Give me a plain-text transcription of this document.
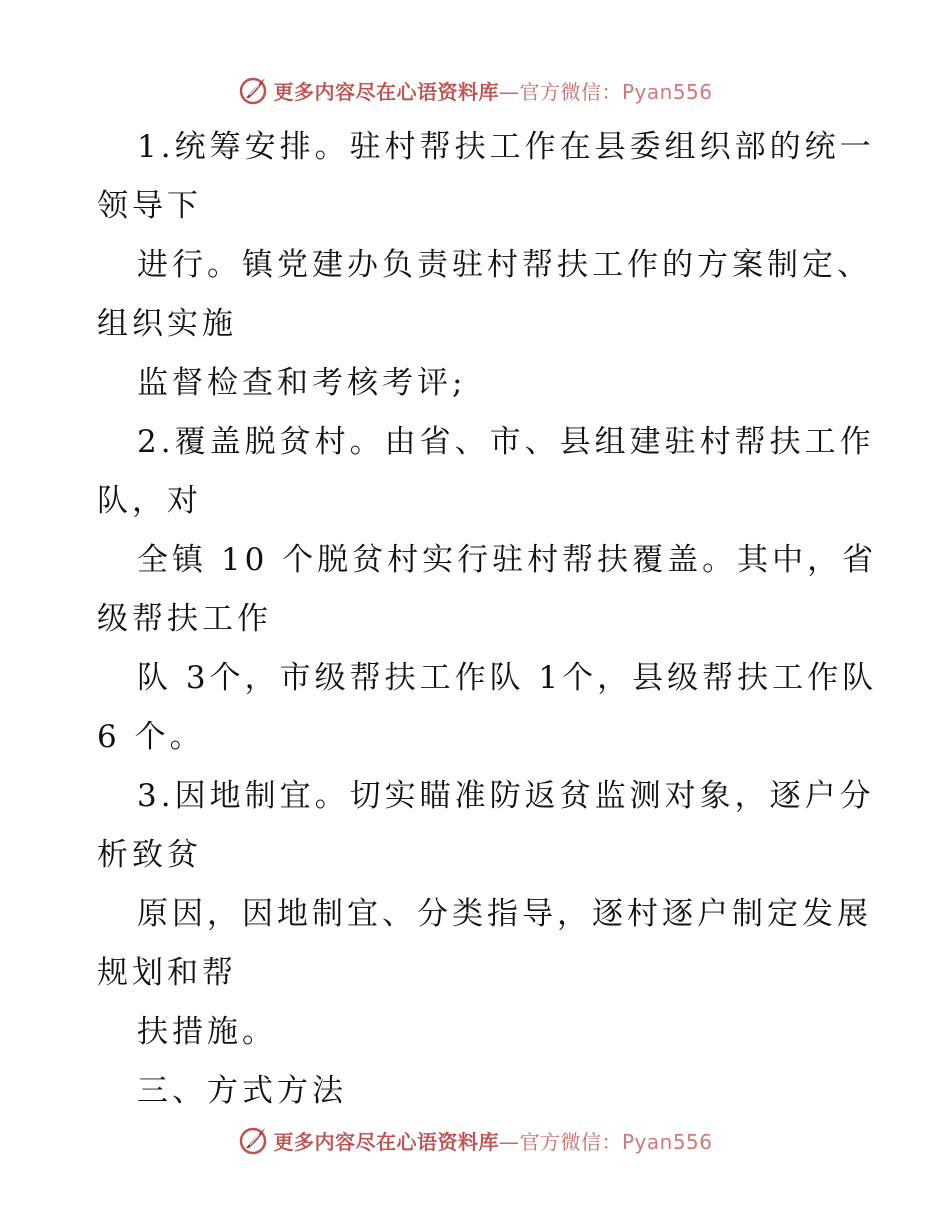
更多内容尽在心语资料库—官方微信：Pyan556
1.统筹安排。驻村帮扶工作在县委组织部的统一
领导下
进行。镇党建办负责驻村帮扶工作的方案制定、
组织实施
监督检查和考核考评;
2.覆盖脱贫村。由省、市、县组建驻村帮扶工作
队，对
全镇 10 个脱贫村实行驻村帮扶覆盖。其中，省
级帮扶工作
队 3个，市级帮扶工作队 1个，县级帮扶工作队
6 个。
3.因地制宜。切实瞄准防返贫监测对象，逐户分
析致贫
原因，因地制宜、分类指导，逐村逐户制定发展
规划和帮
扶措施。
三、方式方法
更多内容尽在心语资料库—官方微信：Pyan556
